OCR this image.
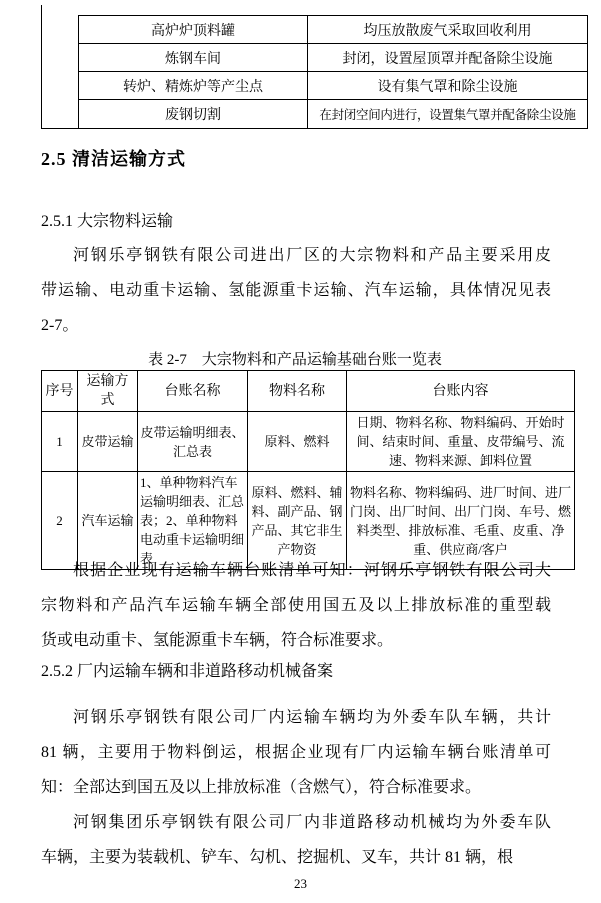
	高炉炉顶料罐	均压放散废气采取回收利用
	炼钢车间	封闭，设置屋顶罩并配备除尘设施
	转炉、精炼炉等产尘点	设有集气罩和除尘设施
	废钢切割	在封闭空间内进行，设置集气罩并配备除尘设施
2.5 清洁运输方式
2.5.1 大宗物料运输
河钢乐亭钢铁有限公司进出厂区的大宗物料和产品主要采用皮
带运输、电动重卡运输、氢能源重卡运输、汽车运输，具体情况见表
2-7。
表 2-7　大宗物料和产品运输基础台账一览表
序号	运输方式	台账名称	物料名称	台账内容
1	皮带运输	皮带运输明细表、汇总表	原料、燃料	日期、物料名称、物料编码、开始时间、结束时间、重量、皮带编号、流速、物料来源、卸料位置
2	汽车运输	1、单种物料汽车运输明细表、汇总表；2、单种物料电动重卡运输明细表	原料、燃料、辅料、副产品、钢产品、其它非生产物资	物料名称、物料编码、进厂时间、进厂门岗、出厂时间、出厂门岗、车号、燃料类型、排放标准、毛重、皮重、净重、供应商/客户
根据企业现有运输车辆台账清单可知：河钢乐亭钢铁有限公司大
宗物料和产品汽车运输车辆全部使用国五及以上排放标准的重型载
货或电动重卡、氢能源重卡车辆，符合标准要求。
2.5.2 厂内运输车辆和非道路移动机械备案
河钢乐亭钢铁有限公司厂内运输车辆均为外委车队车辆，共计
81 辆，主要用于物料倒运，根据企业现有厂内运输车辆台账清单可
知：全部达到国五及以上排放标准（含燃气），符合标准要求。
河钢集团乐亭钢铁有限公司厂内非道路移动机械均为外委车队
车辆，主要为装载机、铲车、勾机、挖掘机、叉车，共计 81 辆，根
23
